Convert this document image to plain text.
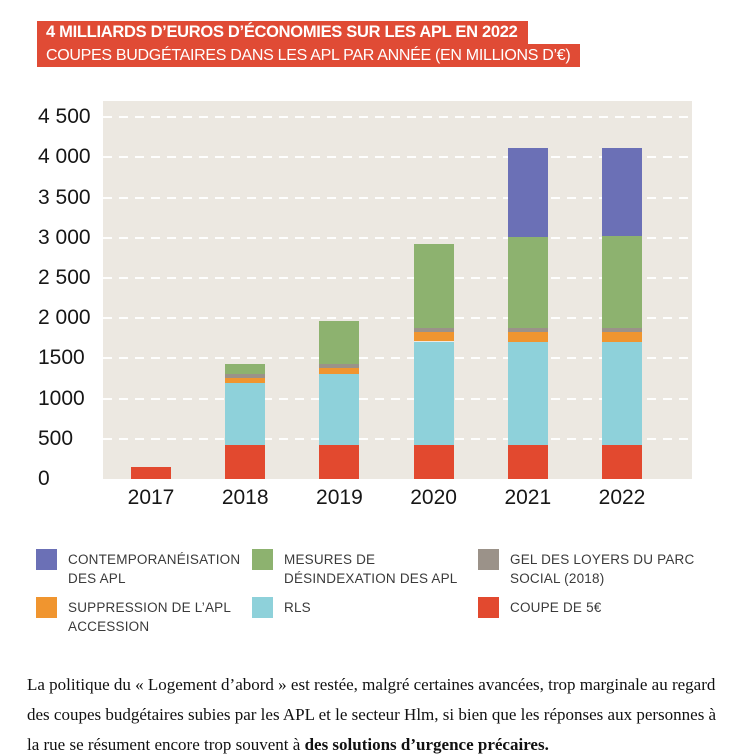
4 MILLIARDS D’EUROS D’ÉCONOMIES SUR LES APL EN 2022
COUPES BUDGÉTAIRES DANS LES APL PAR ANNÉE (EN MILLIONS D’€)
4 500
4 000
3 500
3 000
2 500
2 000
1500
1000
500
0
2017	2018	2019	2020	2021	2022
CONTEMPORANÉISATION
DES APL
MESURES DE
DÉSINDEXATION DES APL
GEL DES LOYERS DU PARC
SOCIAL (2018)
SUPPRESSION DE L’APL
ACCESSION
RLS	COUPE DE 5€

La politique du « Logement d’abord » est restée, malgré certaines avancées, trop marginale au regard des coupes budgétaires subies par les APL et le secteur Hlm, si bien que les réponses aux personnes à la rue se résument encore trop souvent à des solutions d’urgence précaires.
